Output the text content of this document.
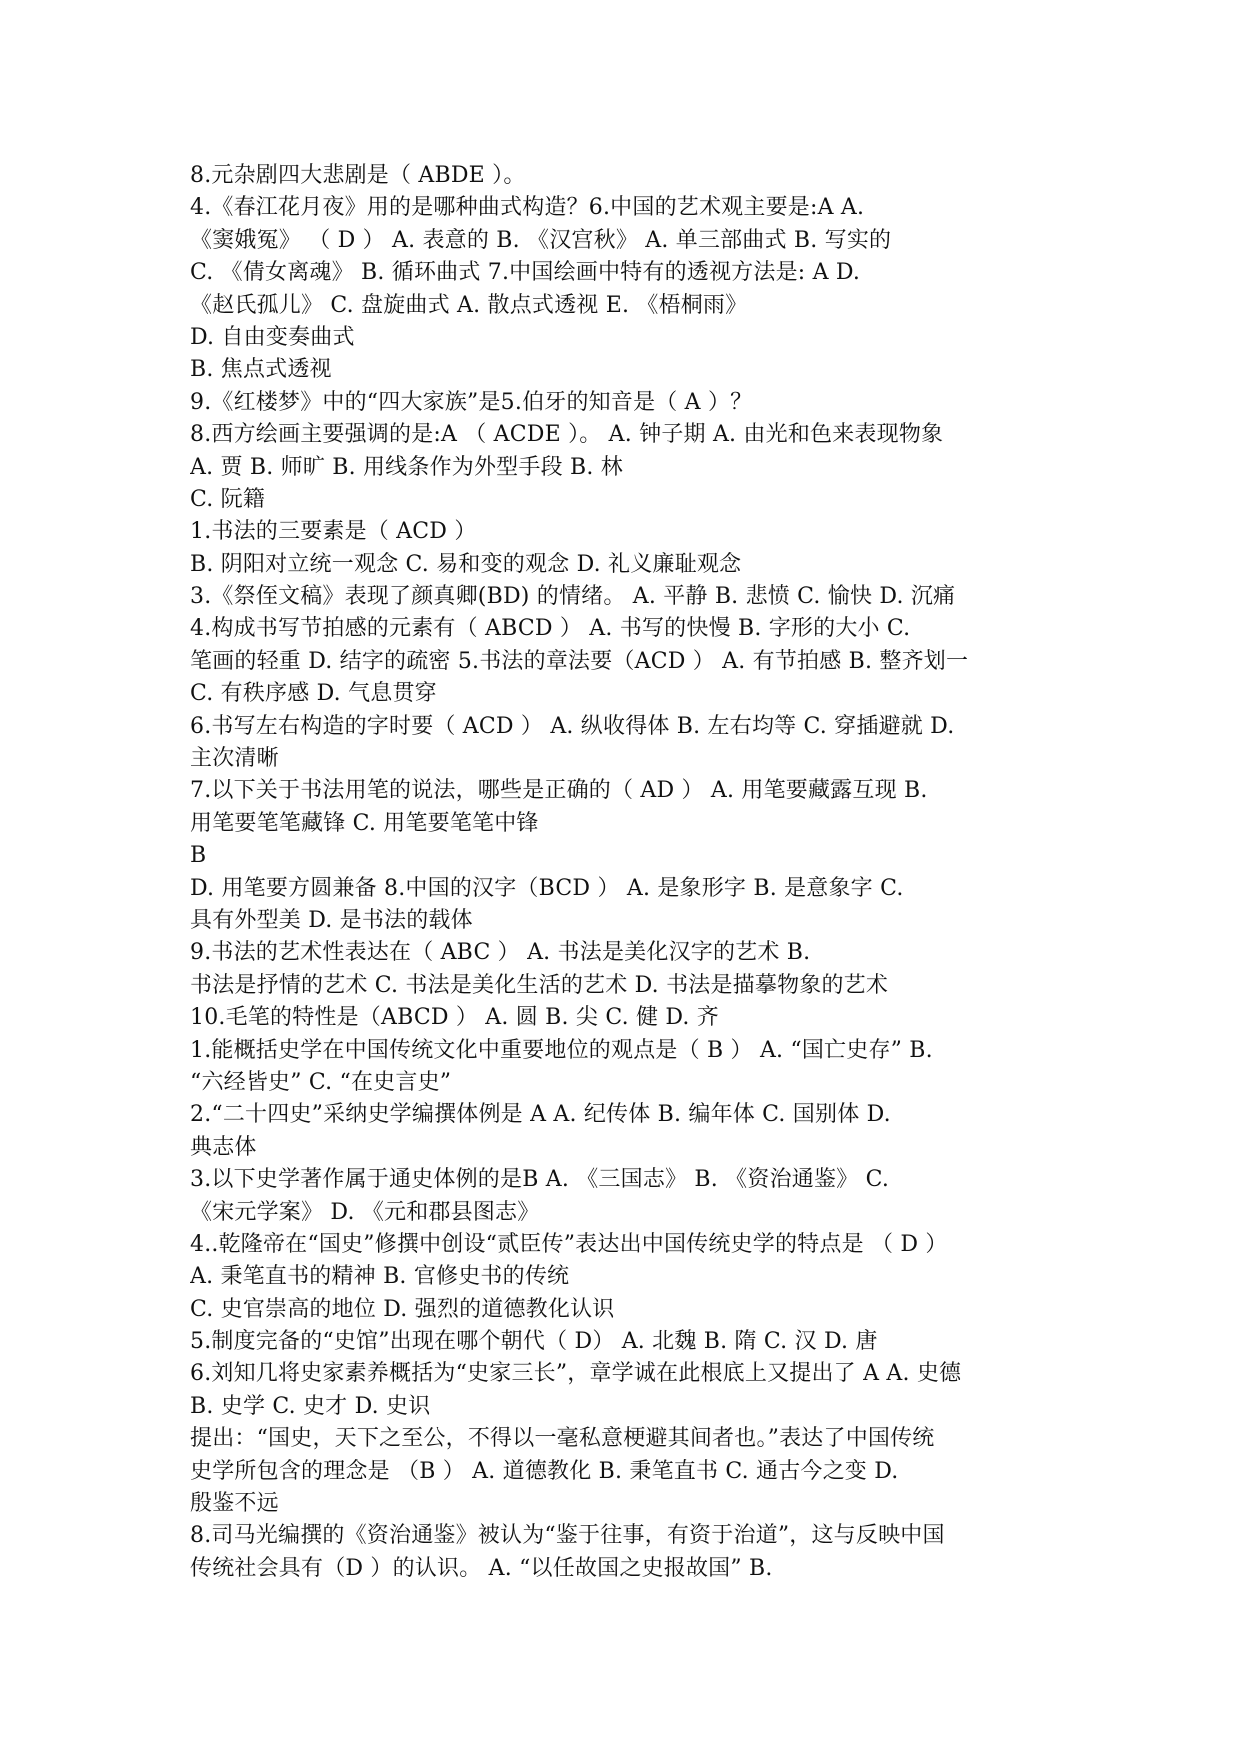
8.元杂剧四大悲剧是（ ABDE ）。
4.《春江花月夜》用的是哪种曲式构造？6.中国的艺术观主要是:A A.
《窦娥冤》 （ D ） A. 表意的 B. 《汉宫秋》 A. 单三部曲式 B. 写实的
C. 《倩女离魂》 B. 循环曲式 7.中国绘画中特有的透视方法是: A D.
《赵氏孤儿》 C. 盘旋曲式 A. 散点式透视 E. 《梧桐雨》
D. 自由变奏曲式
B. 焦点式透视
9.《红楼梦》中的“四大家族”是5.伯牙的知音是（ A ）？
8.西方绘画主要强调的是:A （ ACDE ）。 A. 钟子期 A. 由光和色来表现物象
A. 贾 B. 师旷 B. 用线条作为外型手段 B. 林
C. 阮籍
1.书法的三要素是（ ACD ）
B. 阴阳对立统一观念 C. 易和变的观念 D. 礼义廉耻观念
3.《祭侄文稿》表现了颜真卿(BD) 的情绪。 A. 平静 B. 悲愤 C. 愉快 D. 沉痛
4.构成书写节拍感的元素有（ ABCD ） A. 书写的快慢 B. 字形的大小 C.
笔画的轻重 D. 结字的疏密 5.书法的章法要（ACD ） A. 有节拍感 B. 整齐划一
C. 有秩序感 D. 气息贯穿
6.书写左右构造的字时要（ ACD ） A. 纵收得体 B. 左右均等 C. 穿插避就 D.
主次清晰
7.以下关于书法用笔的说法，哪些是正确的（ AD ） A. 用笔要藏露互现 B.
用笔要笔笔藏锋 C. 用笔要笔笔中锋
B
D. 用笔要方圆兼备 8.中国的汉字（BCD ） A. 是象形字 B. 是意象字 C.
具有外型美 D. 是书法的载体
9.书法的艺术性表达在（ ABC ） A. 书法是美化汉字的艺术 B.
书法是抒情的艺术 C. 书法是美化生活的艺术 D. 书法是描摹物象的艺术
10.毛笔的特性是（ABCD ） A. 圆 B. 尖 C. 健 D. 齐
1.能概括史学在中国传统文化中重要地位的观点是（ B ） A. “国亡史存” B.
“六经皆史” C. “在史言史”
2.“二十四史”采纳史学编撰体例是 A A. 纪传体 B. 编年体 C. 国别体 D.
典志体
3.以下史学著作属于通史体例的是B A. 《三国志》 B. 《资治通鉴》 C.
《宋元学案》 D. 《元和郡县图志》
4..乾隆帝在“国史”修撰中创设“贰臣传”表达出中国传统史学的特点是 （ D ）
A. 秉笔直书的精神 B. 官修史书的传统
C. 史官崇高的地位 D. 强烈的道德教化认识
5.制度完备的“史馆”出现在哪个朝代（ D） A. 北魏 B. 隋 C. 汉 D. 唐
6.刘知几将史家素养概括为“史家三长”，章学诚在此根底上又提出了 A A. 史德
B. 史学 C. 史才 D. 史识
提出：“国史，天下之至公，不得以一毫私意梗避其间者也。”表达了中国传统
史学所包含的理念是 （B ） A. 道德教化 B. 秉笔直书 C. 通古今之变 D.
殷鉴不远
8.司马光编撰的《资治通鉴》被认为“鉴于往事，有资于治道”，这与反映中国
传统社会具有（D ）的认识。 A. “以任故国之史报故国” B.
